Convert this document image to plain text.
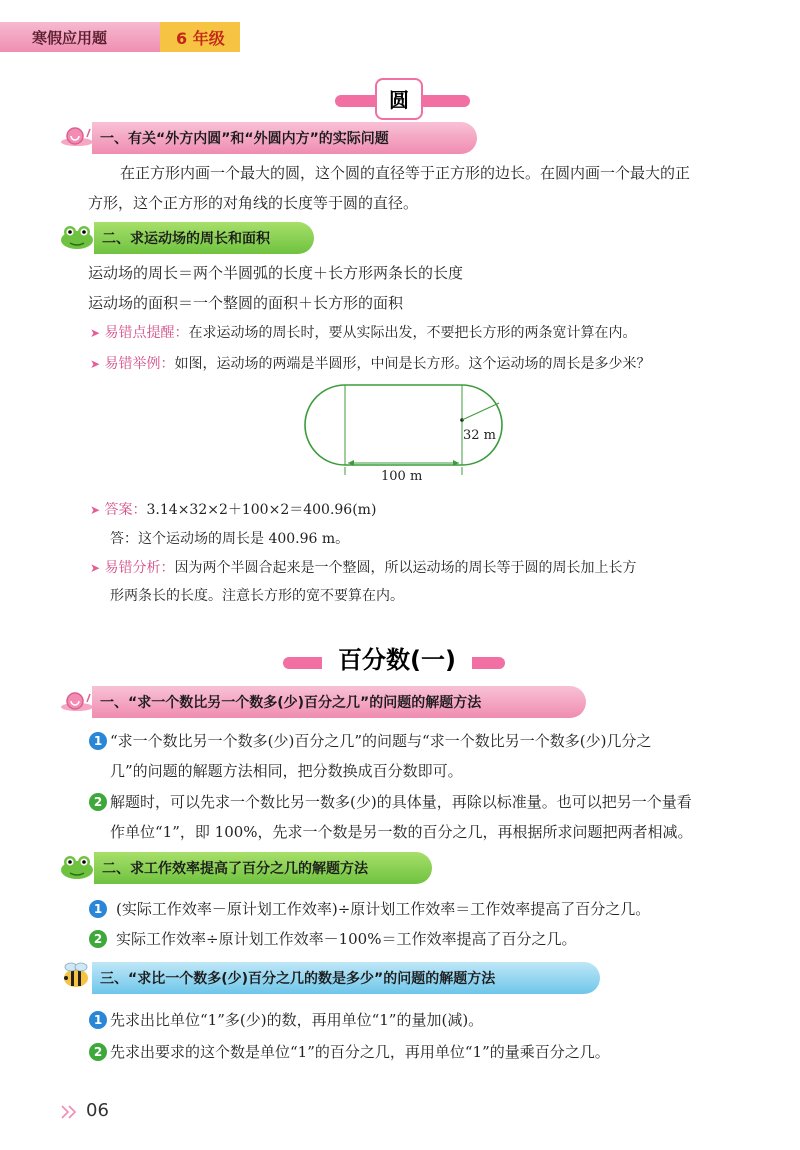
寒假应用题	6 年级
圆
一、有关“外方内圆”和“外圆内方”的实际问题
在正方形内画一个最大的圆，这个圆的直径等于正方形的边长。在圆内画一个最大的正
方形，这个正方形的对角线的长度等于圆的直径。
二、求运动场的周长和面积
运动场的周长＝两个半圆弧的长度＋长方形两条长的长度
运动场的面积＝一个整圆的面积＋长方形的面积
➤ 易错点提醒：在求运动场的周长时，要从实际出发，不要把长方形的两条宽计算在内。
➤ 易错举例：如图，运动场的两端是半圆形，中间是长方形。这个运动场的周长是多少米？
32 m
100 m
➤ 答案：3.14×32×2＋100×2＝400.96(m)
答：这个运动场的周长是 400.96 m。
➤ 易错分析：因为两个半圆合起来是一个整圆，所以运动场的周长等于圆的周长加上长方
形两条长的长度。注意长方形的宽不要算在内。
百分数(一)
一、“求一个数比另一个数多(少)百分之几”的问题的解题方法
1 “求一个数比另一个数多(少)百分之几”的问题与“求一个数比另一个数多(少)几分之
几”的问题的解题方法相同，把分数换成百分数即可。
2 解题时，可以先求一个数比另一数多(少)的具体量，再除以标准量。也可以把另一个量看
作单位“1”，即 100%，先求一个数是另一数的百分之几，再根据所求问题把两者相减。
二、求工作效率提高了百分之几的解题方法
1 (实际工作效率－原计划工作效率)÷原计划工作效率＝工作效率提高了百分之几。
2 实际工作效率÷原计划工作效率－100%＝工作效率提高了百分之几。
三、“求比一个数多(少)百分之几的数是多少”的问题的解题方法
1 先求出比单位“1”多(少)的数，再用单位“1”的量加(减)。
2 先求出要求的这个数是单位“1”的百分之几，再用单位“1”的量乘百分之几。
06
